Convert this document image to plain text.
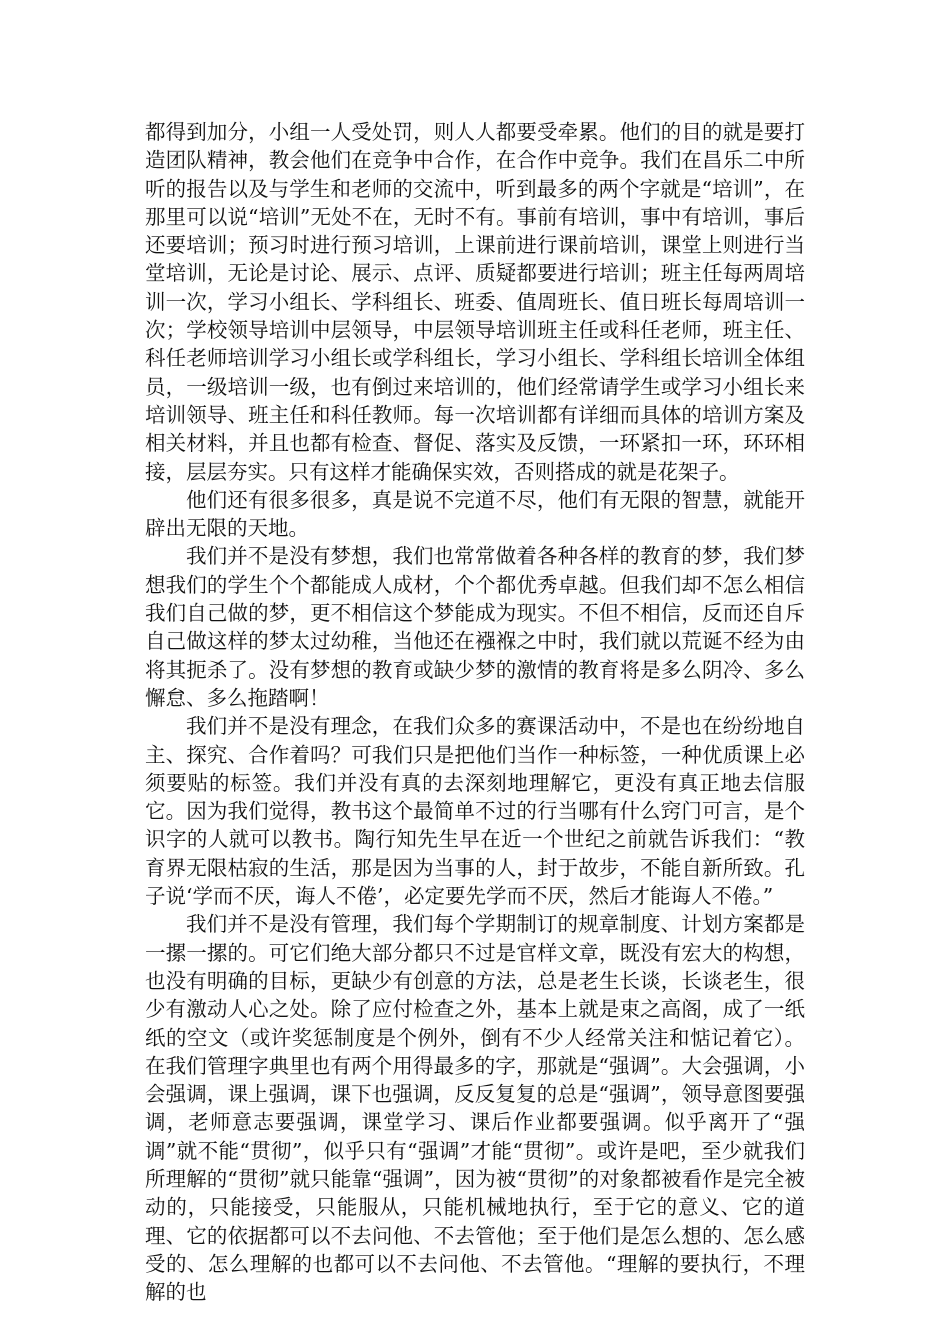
都得到加分，小组一人受处罚，则人人都要受牵累。他们的目的就是要打造团队精神，教会他们在竞争中合作，在合作中竞争。我们在昌乐二中所听的报告以及与学生和老师的交流中，听到最多的两个字就是“培训”，在那里可以说“培训”无处不在，无时不有。事前有培训，事中有培训，事后还要培训；预习时进行预习培训，上课前进行课前培训，课堂上则进行当堂培训，无论是讨论、展示、点评、质疑都要进行培训；班主任每两周培训一次，学习小组长、学科组长、班委、值周班长、值日班长每周培训一次；学校领导培训中层领导，中层领导培训班主任或科任老师，班主任、科任老师培训学习小组长或学科组长，学习小组长、学科组长培训全体组员，一级培训一级，也有倒过来培训的，他们经常请学生或学习小组长来培训领导、班主任和科任教师。每一次培训都有详细而具体的培训方案及相关材料，并且也都有检查、督促、落实及反馈，一环紧扣一环，环环相接，层层夯实。只有这样才能确保实效，否则搭成的就是花架子。

他们还有很多很多，真是说不完道不尽，他们有无限的智慧，就能开辟出无限的天地。

我们并不是没有梦想，我们也常常做着各种各样的教育的梦，我们梦想我们的学生个个都能成人成材，个个都优秀卓越。但我们却不怎么相信我们自己做的梦，更不相信这个梦能成为现实。不但不相信，反而还自斥自己做这样的梦太过幼稚，当他还在襁褓之中时，我们就以荒诞不经为由将其扼杀了。没有梦想的教育或缺少梦的激情的教育将是多么阴冷、多么懈怠、多么拖踏啊！

我们并不是没有理念，在我们众多的赛课活动中，不是也在纷纷地自主、探究、合作着吗？可我们只是把他们当作一种标签，一种优质课上必须要贴的标签。我们并没有真的去深刻地理解它，更没有真正地去信服它。因为我们觉得，教书这个最简单不过的行当哪有什么窍门可言，是个识字的人就可以教书。陶行知先生早在近一个世纪之前就告诉我们：“教育界无限枯寂的生活，那是因为当事的人，封于故步，不能自新所致。孔子说‘学而不厌，诲人不倦’，必定要先学而不厌，然后才能诲人不倦。”

我们并不是没有管理，我们每个学期制订的规章制度、计划方案都是一摞一摞的。可它们绝大部分都只不过是官样文章，既没有宏大的构想，也没有明确的目标，更缺少有创意的方法，总是老生长谈，长谈老生，很少有激动人心之处。除了应付检查之外，基本上就是束之高阁，成了一纸纸的空文（或许奖惩制度是个例外，倒有不少人经常关注和惦记着它）。在我们管理字典里也有两个用得最多的字，那就是“强调”。大会强调，小会强调，课上强调，课下也强调，反反复复的总是“强调”，领导意图要强调，老师意志要强调，课堂学习、课后作业都要强调。似乎离开了“强调”就不能“贯彻”，似乎只有“强调”才能“贯彻”。或许是吧，至少就我们所理解的“贯彻”就只能靠“强调”，因为被“贯彻”的对象都被看作是完全被动的，只能接受，只能服从，只能机械地执行，至于它的意义、它的道理、它的依据都可以不去问他、不去管他；至于他们是怎么想的、怎么感受的、怎么理解的也都可以不去问他、不去管他。“理解的要执行，不理解的也
